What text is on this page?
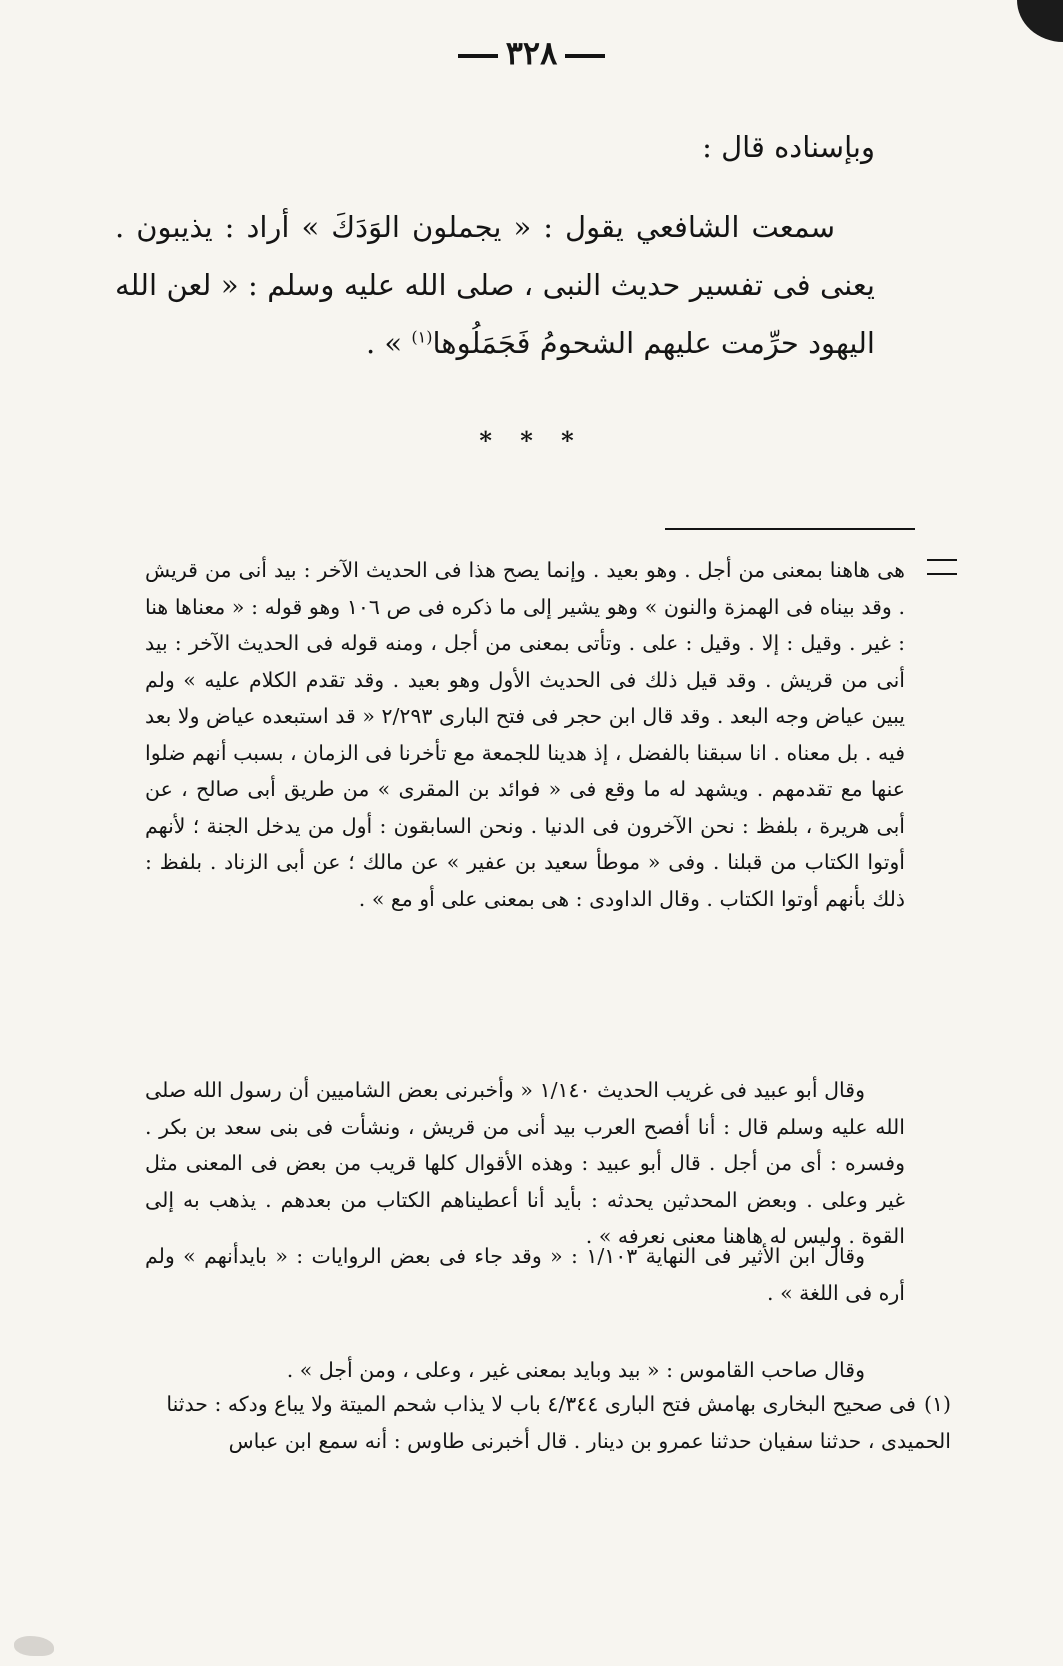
٣٢٨
وبإسناده قال :

سمعت الشافعي يقول : « يجملون الوَدَكَ » أراد : يذيبون . يعنى فى تفسير حديث النبى ، صلى الله عليه وسلم : « لعن الله اليهود حرِّمت عليهم الشحومُ فَجَمَلُوها$^{(١)}$ » .

* * *

هى هاهنا بمعنى من أجل . وهو بعيد . وإنما يصح هذا فى الحديث الآخر : بيد أنى من قريش . وقد بيناه فى الهمزة والنون » وهو يشير إلى ما ذكره فى ص ١٠٦ وهو قوله : « معناها هنا : غير . وقيل : إلا . وقيل : على . وتأتى بمعنى من أجل ، ومنه قوله فى الحديث الآخر : بيد أنى من قريش . وقد قيل ذلك فى الحديث الأول وهو بعيد . وقد تقدم الكلام عليه » ولم يبين عياض وجه البعد . وقد قال ابن حجر فى فتح البارى ٢/٢٩٣ « قد استبعده عياض ولا بعد فيه . بل معناه . انا سبقنا بالفضل ، إذ هدينا للجمعة مع تأخرنا فى الزمان ، بسبب أنهم ضلوا عنها مع تقدمهم . ويشهد له ما وقع فى « فوائد بن المقرى » من طريق أبى صالح ، عن أبى هريرة ، بلفظ : نحن الآخرون فى الدنيا . ونحن السابقون : أول من يدخل الجنة ؛ لأنهم أوتوا الكتاب من قبلنا . وفى « موطأ سعيد بن عفير » عن مالك ؛ عن أبى الزناد . بلفظ : ذلك بأنهم أوتوا الكتاب . وقال الداودى : هى بمعنى على أو مع » .

وقال أبو عبيد فى غريب الحديث ١/١٤٠ « وأخبرنى بعض الشاميين أن رسول الله صلى الله عليه وسلم قال : أنا أفصح العرب بيد أنى من قريش ، ونشأت فى بنى سعد بن بكر . وفسره : أى من أجل . قال أبو عبيد : وهذه الأقوال كلها قريب من بعض فى المعنى مثل غير وعلى . وبعض المحدثين يحدثه : بأيد أنا أعطيناهم الكتاب من بعدهم . يذهب به إلى القوة . وليس له هاهنا معنى نعرفه » .

وقال ابن الأثير فى النهاية ١/١٠٣ : « وقد جاء فى بعض الروايات : « بايدأنهم » ولم أره فى اللغة » .

وقال صاحب القاموس : « بيد وبايد بمعنى غير ، وعلى ، ومن أجل » .

(١)فى صحيح البخارى بهامش فتح البارى ٤/٣٤٤ باب لا يذاب شحم الميتة ولا يباع ودكه : حدثنا الحميدى ، حدثنا سفيان حدثنا عمرو بن دينار . قال أخبرنى طاوس : أنه سمع ابن عباس
